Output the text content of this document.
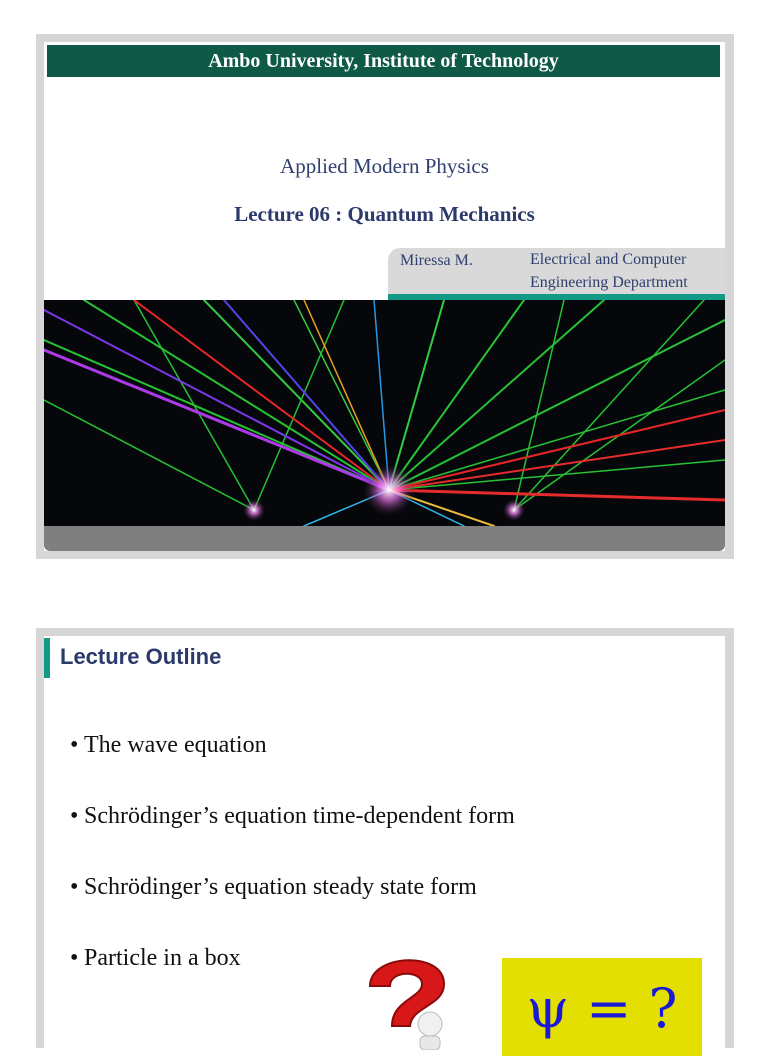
Ambo University, Institute of Technology
Applied Modern Physics
Lecture 06 : Quantum Mechanics
Miressa M.	Electrical and Computer
Engineering Department
Lecture Outline
• The wave equation
• Schrödinger’s equation time-dependent form
• Schrödinger’s equation steady state form
• Particle in a box
ψ = ?
